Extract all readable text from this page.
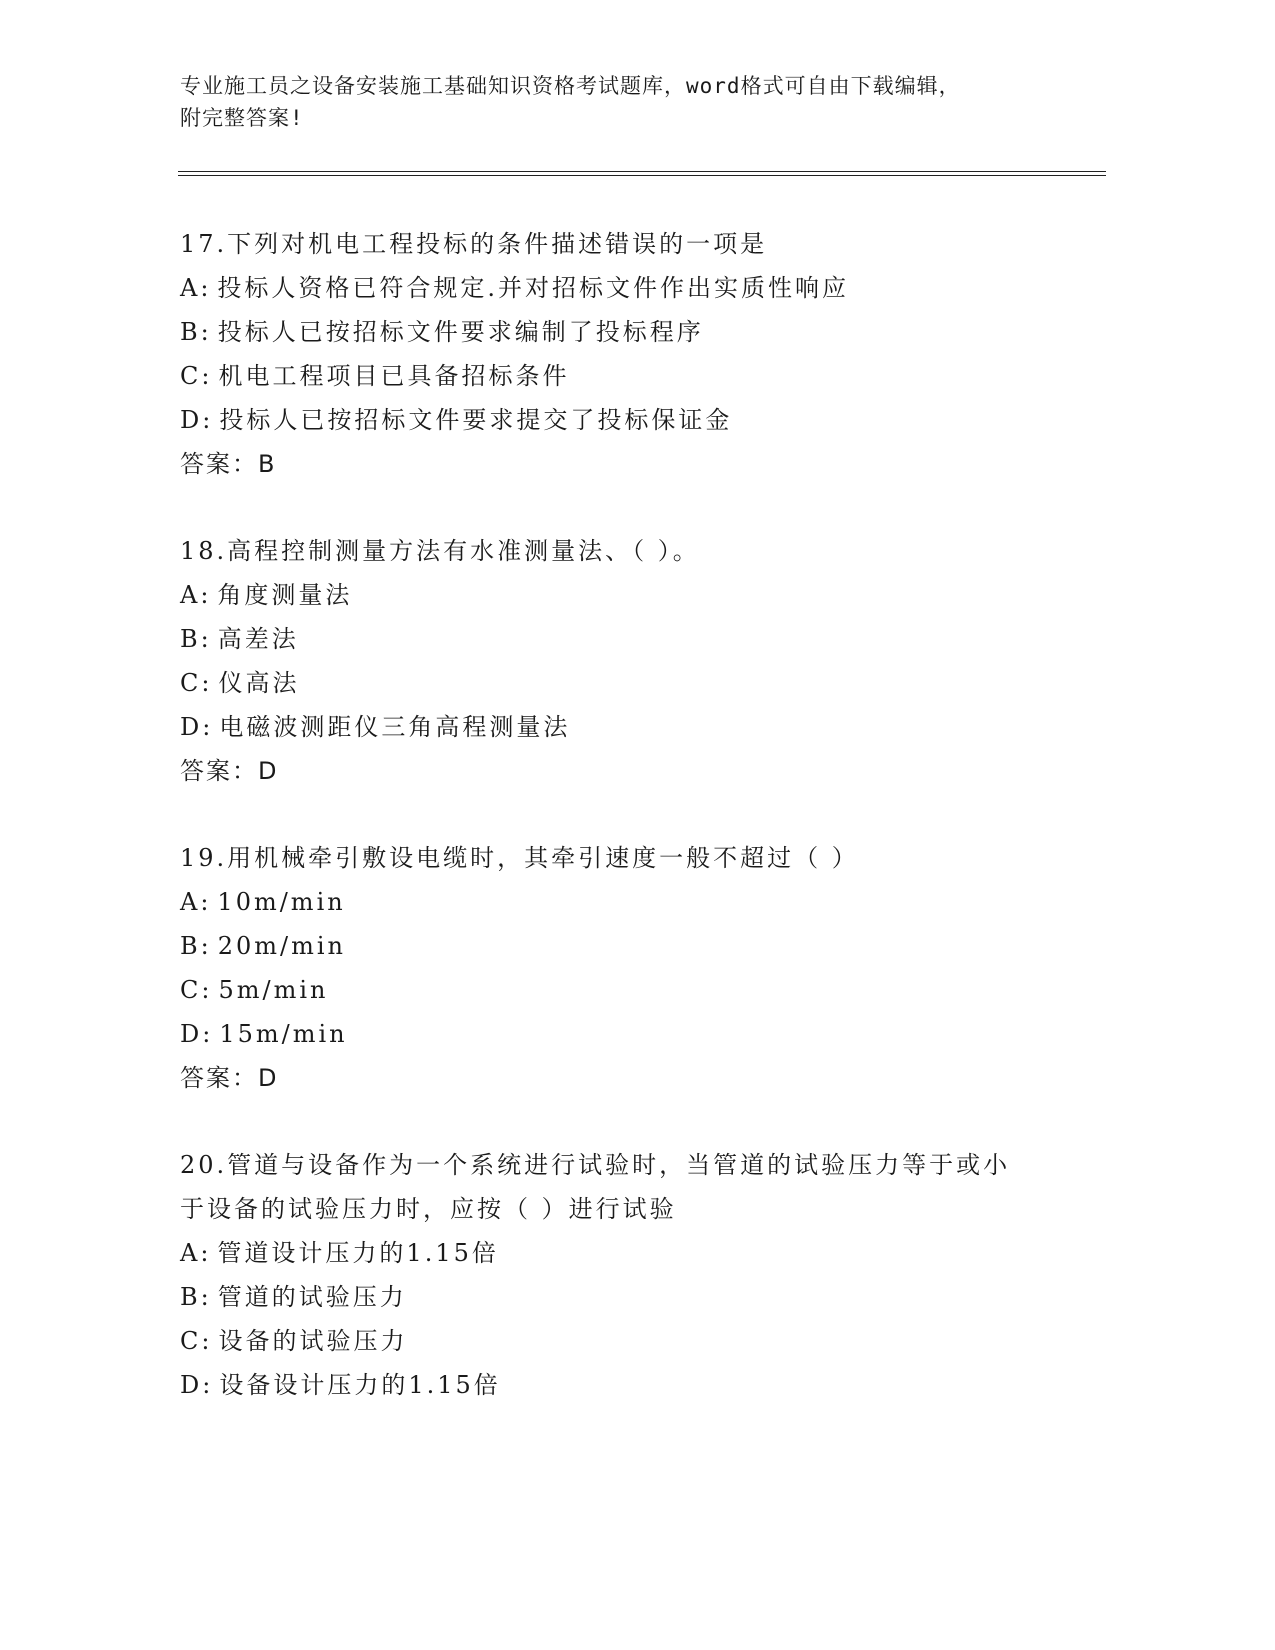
专业施工员之设备安装施工基础知识资格考试题库，word格式可自由下载编辑，
附完整答案!
17.下列对机电工程投标的条件描述错误的一项是
A: 投标人资格已符合规定.并对招标文件作出实质性响应
B: 投标人已按招标文件要求编制了投标程序
C: 机电工程项目已具备招标条件
D: 投标人已按招标文件要求提交了投标保证金
答案：B
18.高程控制测量方法有水准测量法、（ ）。
A: 角度测量法
B: 高差法
C: 仪高法
D: 电磁波测距仪三角高程测量法
答案：D
19.用机械牵引敷设电缆时，其牵引速度一般不超过（ ）
A: 10m/min
B: 20m/min
C: 5m/min
D: 15m/min
答案：D
20.管道与设备作为一个系统进行试验时，当管道的试验压力等于或小
于设备的试验压力时，应按（ ）进行试验
A: 管道设计压力的1.15倍
B: 管道的试验压力
C: 设备的试验压力
D: 设备设计压力的1.15倍
